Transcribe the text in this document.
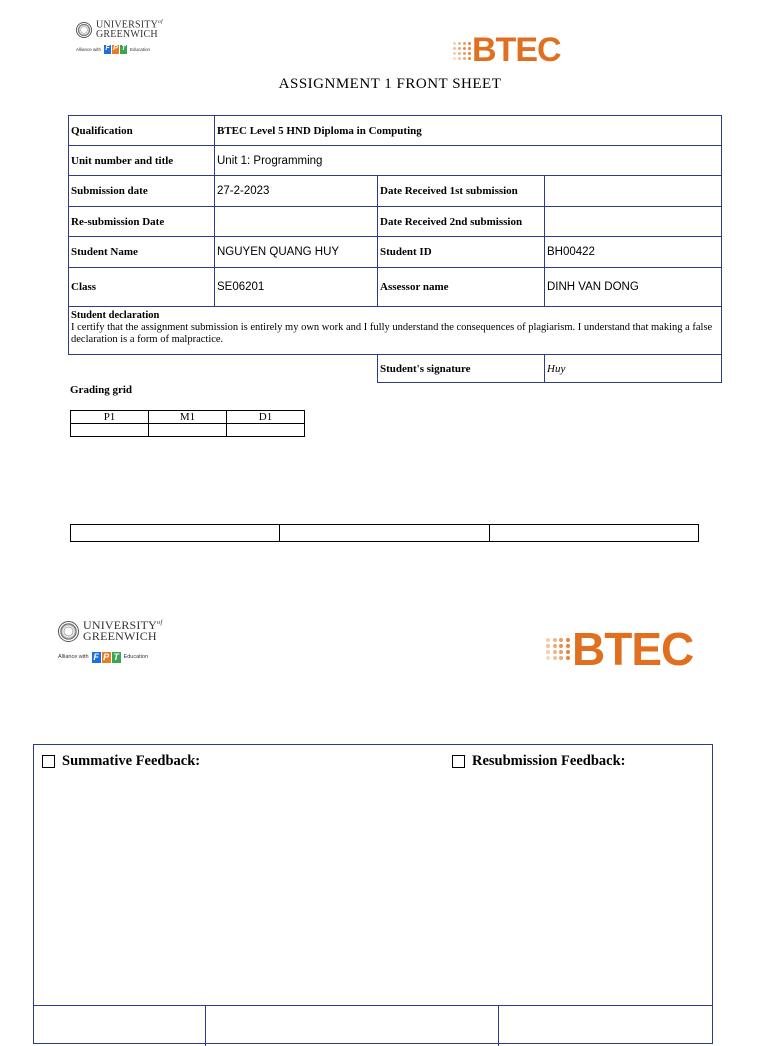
$UNIVERSITY^{of}$
GREENWICH
Alliance with F P T Education	BTEC
ASSIGNMENT 1 FRONT SHEET
Qualification	BTEC Level 5 HND Diploma in Computing		
Unit number and title	Unit 1: Programming		
Submission date	27-2-2023	Date Received 1st submission	
Re-submission Date		Date Received 2nd submission	
Student Name	NGUYEN QUANG HUY	Student ID	BH00422
Class	SE06201	Assessor name	DINH VAN DONG

Student declaration
I certify that the assignment submission is entirely my own work and I fully understand the consequences of plagiarism. I understand that making a false declaration is a form of malpractice.			

		Student's signature	Huy
Grading grid
P1	M1	D1

$UNIVERSITY^{of}$
GREENWICH
Alliance with F P T Education	BTEC
Summative Feedback:	Resubmission Feedback:
